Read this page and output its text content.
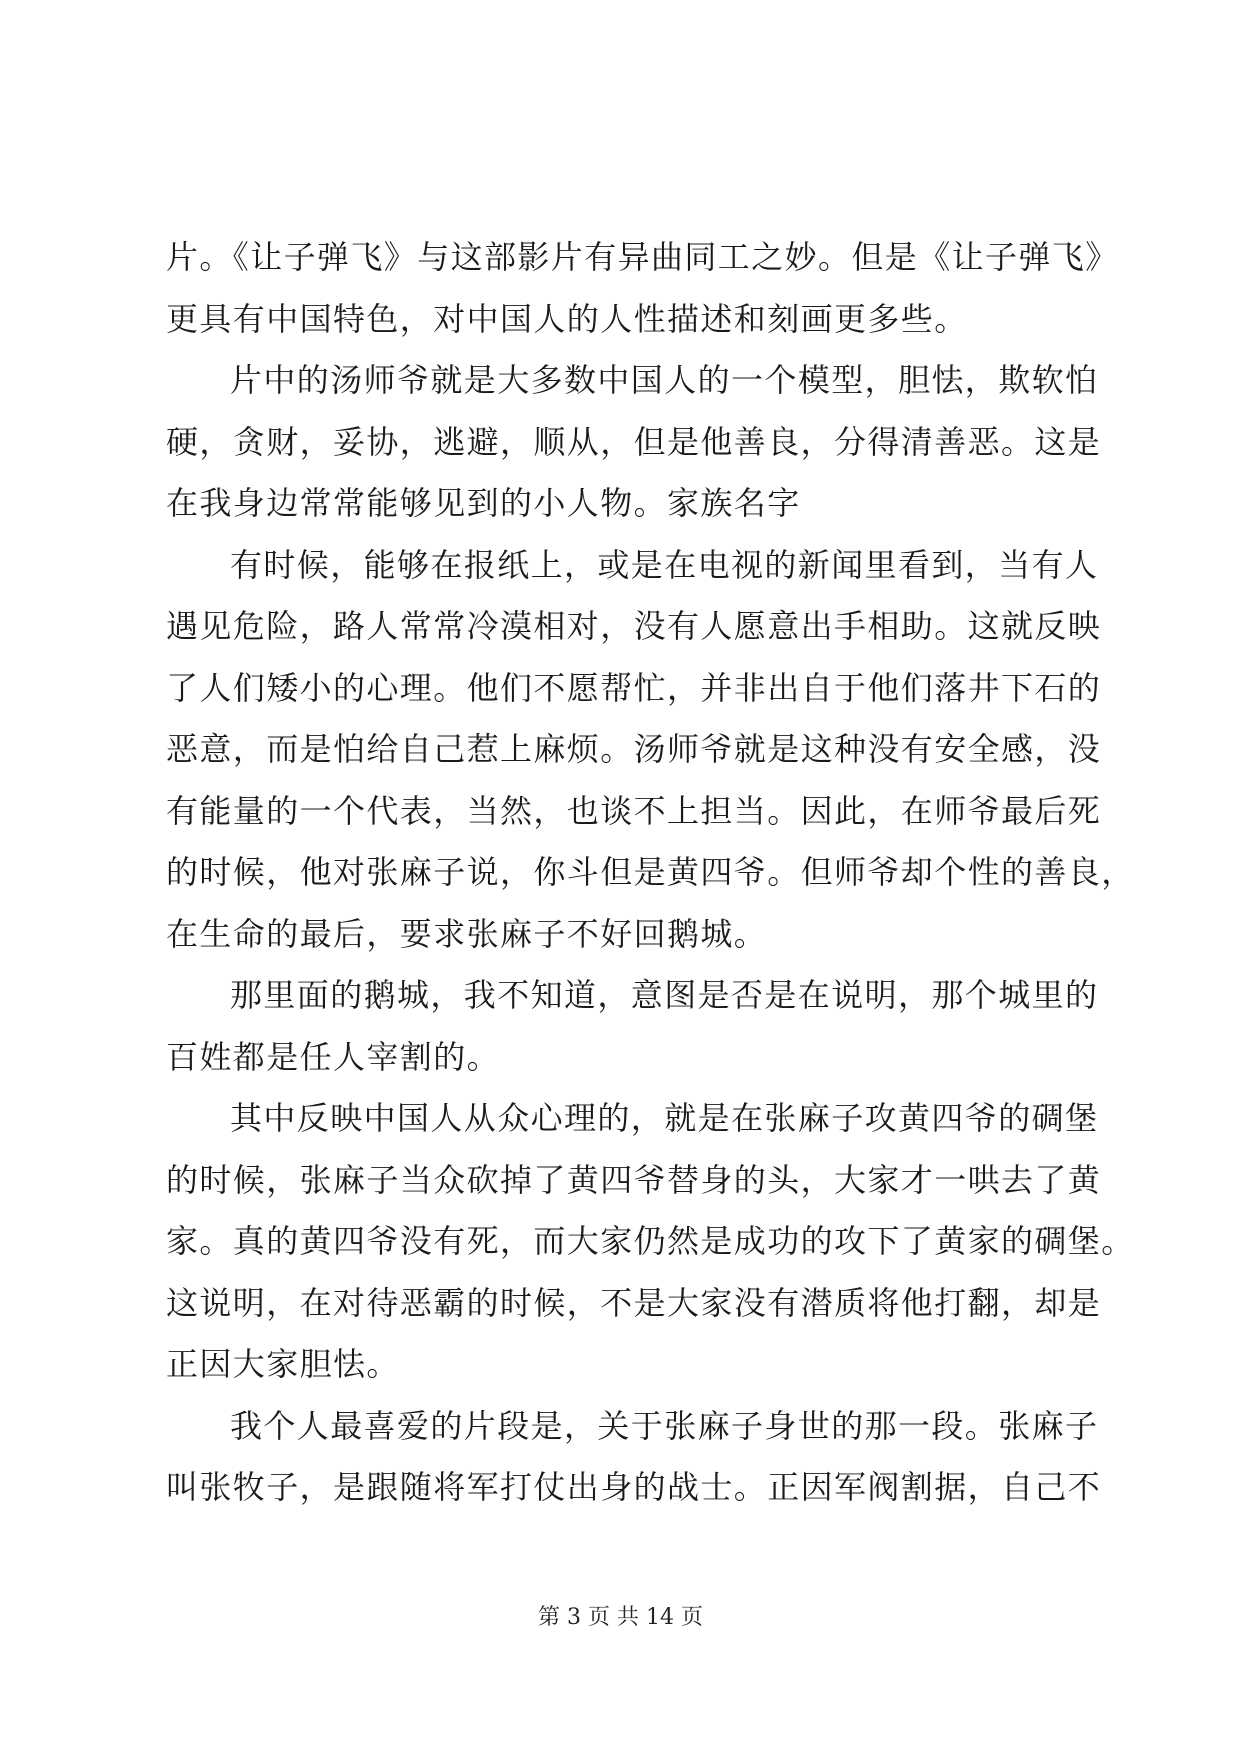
片。《让子弹飞》与这部影片有异曲同工之妙。但是《让子弹飞》
更具有中国特色，对中国人的人性描述和刻画更多些。
片中的汤师爷就是大多数中国人的一个模型，胆怯，欺软怕
硬，贪财，妥协，逃避，顺从，但是他善良，分得清善恶。这是
在我身边常常能够见到的小人物。家族名字
有时候，能够在报纸上，或是在电视的新闻里看到，当有人
遇见危险，路人常常冷漠相对，没有人愿意出手相助。这就反映
了人们矮小的心理。他们不愿帮忙，并非出自于他们落井下石的
恶意，而是怕给自己惹上麻烦。汤师爷就是这种没有安全感，没
有能量的一个代表，当然，也谈不上担当。因此，在师爷最后死
的时候，他对张麻子说，你斗但是黄四爷。但师爷却个性的善良，
在生命的最后，要求张麻子不好回鹅城。
那里面的鹅城，我不知道，意图是否是在说明，那个城里的
百姓都是任人宰割的。
其中反映中国人从众心理的，就是在张麻子攻黄四爷的碉堡
的时候，张麻子当众砍掉了黄四爷替身的头，大家才一哄去了黄
家。真的黄四爷没有死，而大家仍然是成功的攻下了黄家的碉堡。
这说明，在对待恶霸的时候，不是大家没有潜质将他打翻，却是
正因大家胆怯。
我个人最喜爱的片段是，关于张麻子身世的那一段。张麻子
叫张牧子，是跟随将军打仗出身的战士。正因军阀割据，自己不
第 3 页 共 14 页
